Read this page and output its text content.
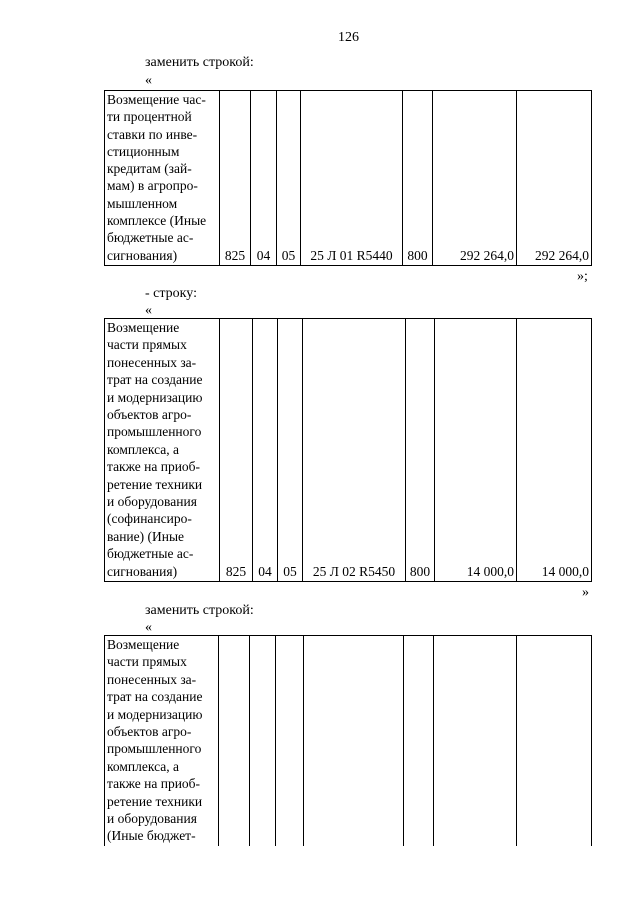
126
заменить строкой:
«
Возмещение час-
ти процентной
ставки по инве-
стиционным
кредитам (зай-
мам) в агропро-
мышленном
комплексе (Иные
бюджетные ас-
сигнования)	825	04	05	25 Л 01 R5440	800	292 264,0	292 264,0
»;
- строку:
«
Возмещение
части прямых
понесенных за-
трат на создание
и модернизацию
объектов агро-
промышленного
комплекса, а
также на приоб-
ретение техники
и оборудования
(софинансиро-
вание) (Иные
бюджетные ас-
сигнования)	825	04	05	25 Л 02 R5450	800	14 000,0	14 000,0
»
заменить строкой:
«
Возмещение
части прямых
понесенных за-
трат на создание
и модернизацию
объектов агро-
промышленного
комплекса, а
также на приоб-
ретение техники
и оборудования
(Иные бюджет-							
